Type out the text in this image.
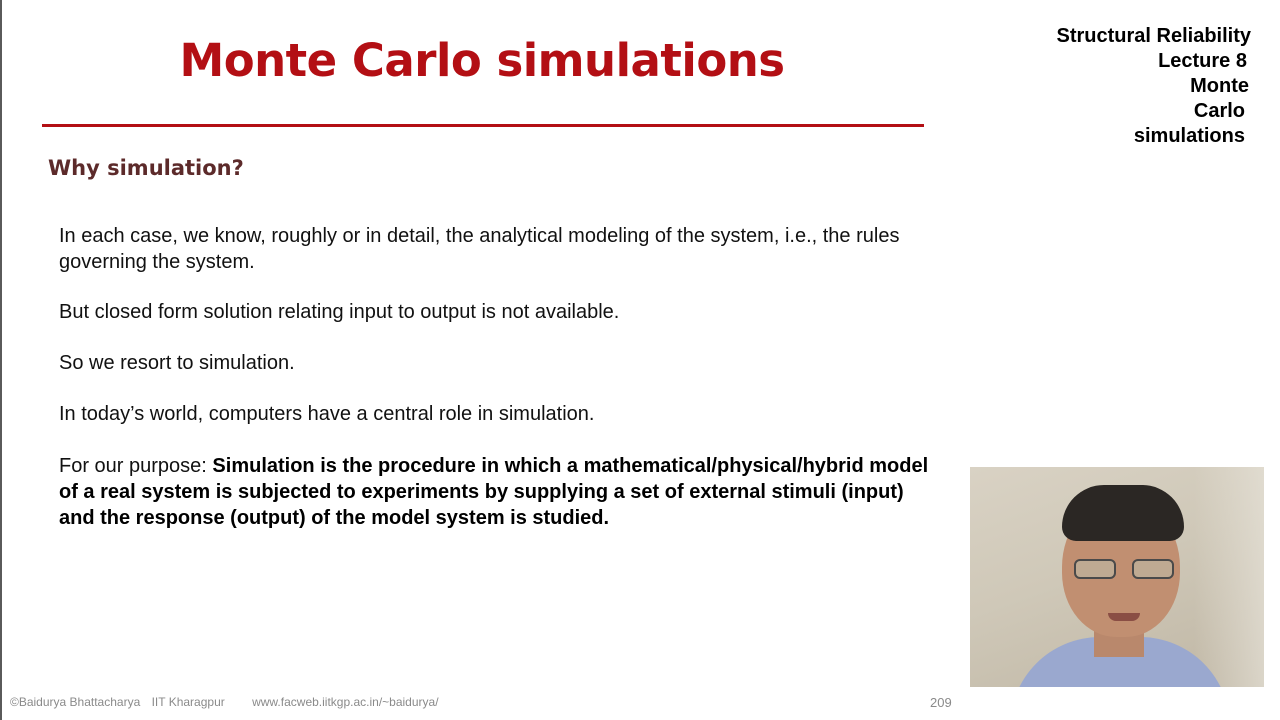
Monte Carlo simulations
Why simulation?
In each case, we know, roughly or in detail, the analytical modeling of the system, i.e., the rules governing the system.
But closed form solution relating input to output is not available.
So we resort to simulation.
In today’s world, computers have a central role in simulation.
For our purpose: Simulation is the procedure in which a mathematical/physical/hybrid model of a real system is subjected to experiments by supplying a set of external stimuli (input) and the response (output) of the model system is studied.
©Baidurya Bhattacharya IIT Kharagpur www.facweb.iitkgp.ac.in/~baidurya/	209
Structural Reliability
Lecture 8
Monte
Carlo
simulations
